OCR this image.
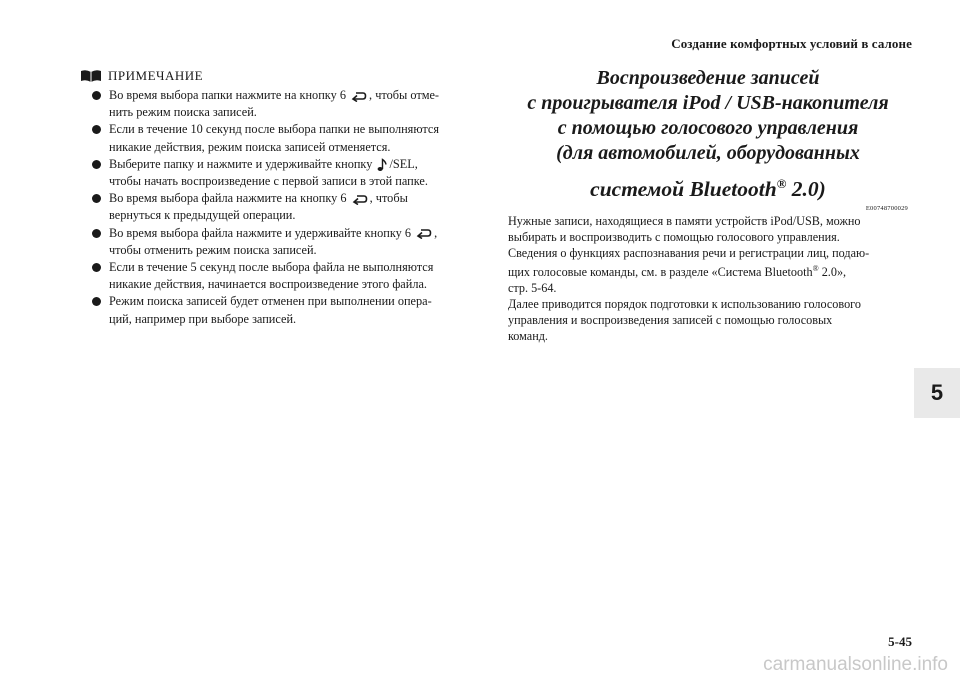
Создание комфортных условий в салоне
ПРИМЕЧАНИЕ
Во время выбора папки нажмите на кнопку 6 , чтобы отме-
нить режим поиска записей.
Если в течение 10 секунд после выбора папки не выполняются
никакие действия, режим поиска записей отменяется.
Выберите папку и нажмите и удерживайте кнопку /SEL,
чтобы начать воспроизведение с первой записи в этой папке.
Во время выбора файла нажмите на кнопку 6 , чтобы
вернуться к предыдущей операции.
Во время выбора файла нажмите и удерживайте кнопку 6 ,
чтобы отменить режим поиска записей.
Если в течение 5 секунд после выбора файла не выполняются
никакие действия, начинается воспроизведение этого файла.
Режим поиска записей будет отменен при выполнении опера-
ций, например при выборе записей.
Воспроизведение записей
с проигрывателя iPod / USB-накопителя
с помощью голосового управления
(для автомобилей, оборудованных
системой Bluetooth® 2.0)
E00748700029

Нужные записи, находящиеся в памяти устройств iPod/USB, можно
выбирать и воспроизводить с помощью голосового управления.

Сведения о функциях распознавания речи и регистрации лиц, подаю-
щих голосовые команды, см. в разделе «Система Bluetooth® 2.0»,
стр. 5-64.

Далее приводится порядок подготовки к использованию голосового
управления и воспроизведения записей с помощью голосовых
команд.

5
5-45
carmanualsonline.info
